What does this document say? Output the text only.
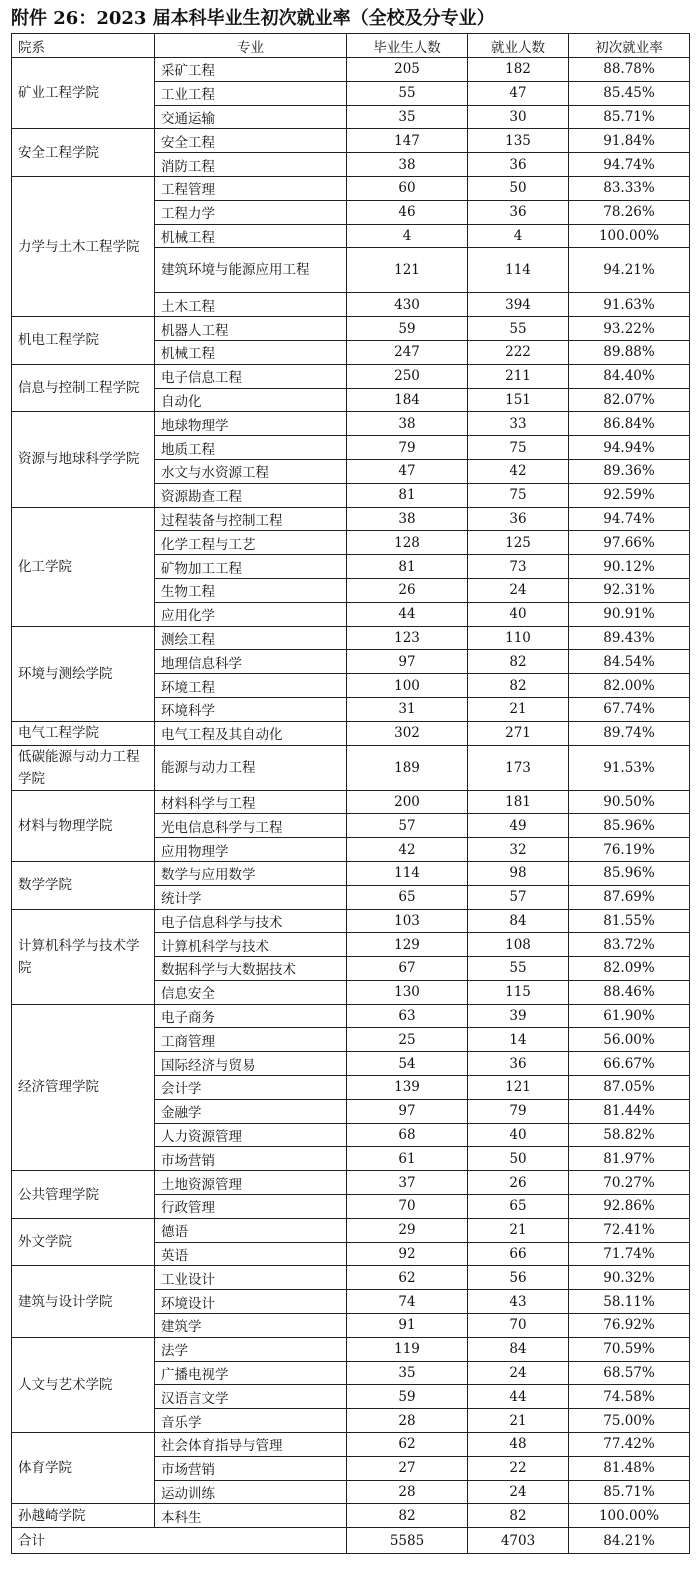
附件 26：2023 届本科毕业生初次就业率（全校及分专业）
院系	专业	毕业生人数	就业人数	初次就业率
矿业工程学院	采矿工程	205	182	88.78%
	工业工程	55	47	85.45%
	交通运输	35	30	85.71%
安全工程学院	安全工程	147	135	91.84%
	消防工程	38	36	94.74%
力学与土木工程学院	工程管理	60	50	83.33%
	工程力学	46	36	78.26%
	机械工程	4	4	100.00%
	建筑环境与能源应用工程	121	114	94.21%
	土木工程	430	394	91.63%
机电工程学院	机器人工程	59	55	93.22%
	机械工程	247	222	89.88%
信息与控制工程学院	电子信息工程	250	211	84.40%
	自动化	184	151	82.07%
资源与地球科学学院	地球物理学	38	33	86.84%
	地质工程	79	75	94.94%
	水文与水资源工程	47	42	89.36%
	资源勘查工程	81	75	92.59%
化工学院	过程装备与控制工程	38	36	94.74%
	化学工程与工艺	128	125	97.66%
	矿物加工工程	81	73	90.12%
	生物工程	26	24	92.31%
	应用化学	44	40	90.91%
环境与测绘学院	测绘工程	123	110	89.43%
	地理信息科学	97	82	84.54%
	环境工程	100	82	82.00%
	环境科学	31	21	67.74%
电气工程学院	电气工程及其自动化	302	271	89.74%
低碳能源与动力工程学院	能源与动力工程	189	173	91.53%
材料与物理学院	材料科学与工程	200	181	90.50%
	光电信息科学与工程	57	49	85.96%
	应用物理学	42	32	76.19%
数学学院	数学与应用数学	114	98	85.96%
	统计学	65	57	87.69%
计算机科学与技术学院	电子信息科学与技术	103	84	81.55%
	计算机科学与技术	129	108	83.72%
	数据科学与大数据技术	67	55	82.09%
	信息安全	130	115	88.46%
经济管理学院	电子商务	63	39	61.90%
	工商管理	25	14	56.00%
	国际经济与贸易	54	36	66.67%
	会计学	139	121	87.05%
	金融学	97	79	81.44%
	人力资源管理	68	40	58.82%
	市场营销	61	50	81.97%
公共管理学院	土地资源管理	37	26	70.27%
	行政管理	70	65	92.86%
外文学院	德语	29	21	72.41%
	英语	92	66	71.74%
建筑与设计学院	工业设计	62	56	90.32%
	环境设计	74	43	58.11%
	建筑学	91	70	76.92%
人文与艺术学院	法学	119	84	70.59%
	广播电视学	35	24	68.57%
	汉语言文学	59	44	74.58%
	音乐学	28	21	75.00%
体育学院	社会体育指导与管理	62	48	77.42%
	市场营销	27	22	81.48%
	运动训练	28	24	85.71%
孙越崎学院	本科生	82	82	100.00%
合计		5585	4703	84.21%
